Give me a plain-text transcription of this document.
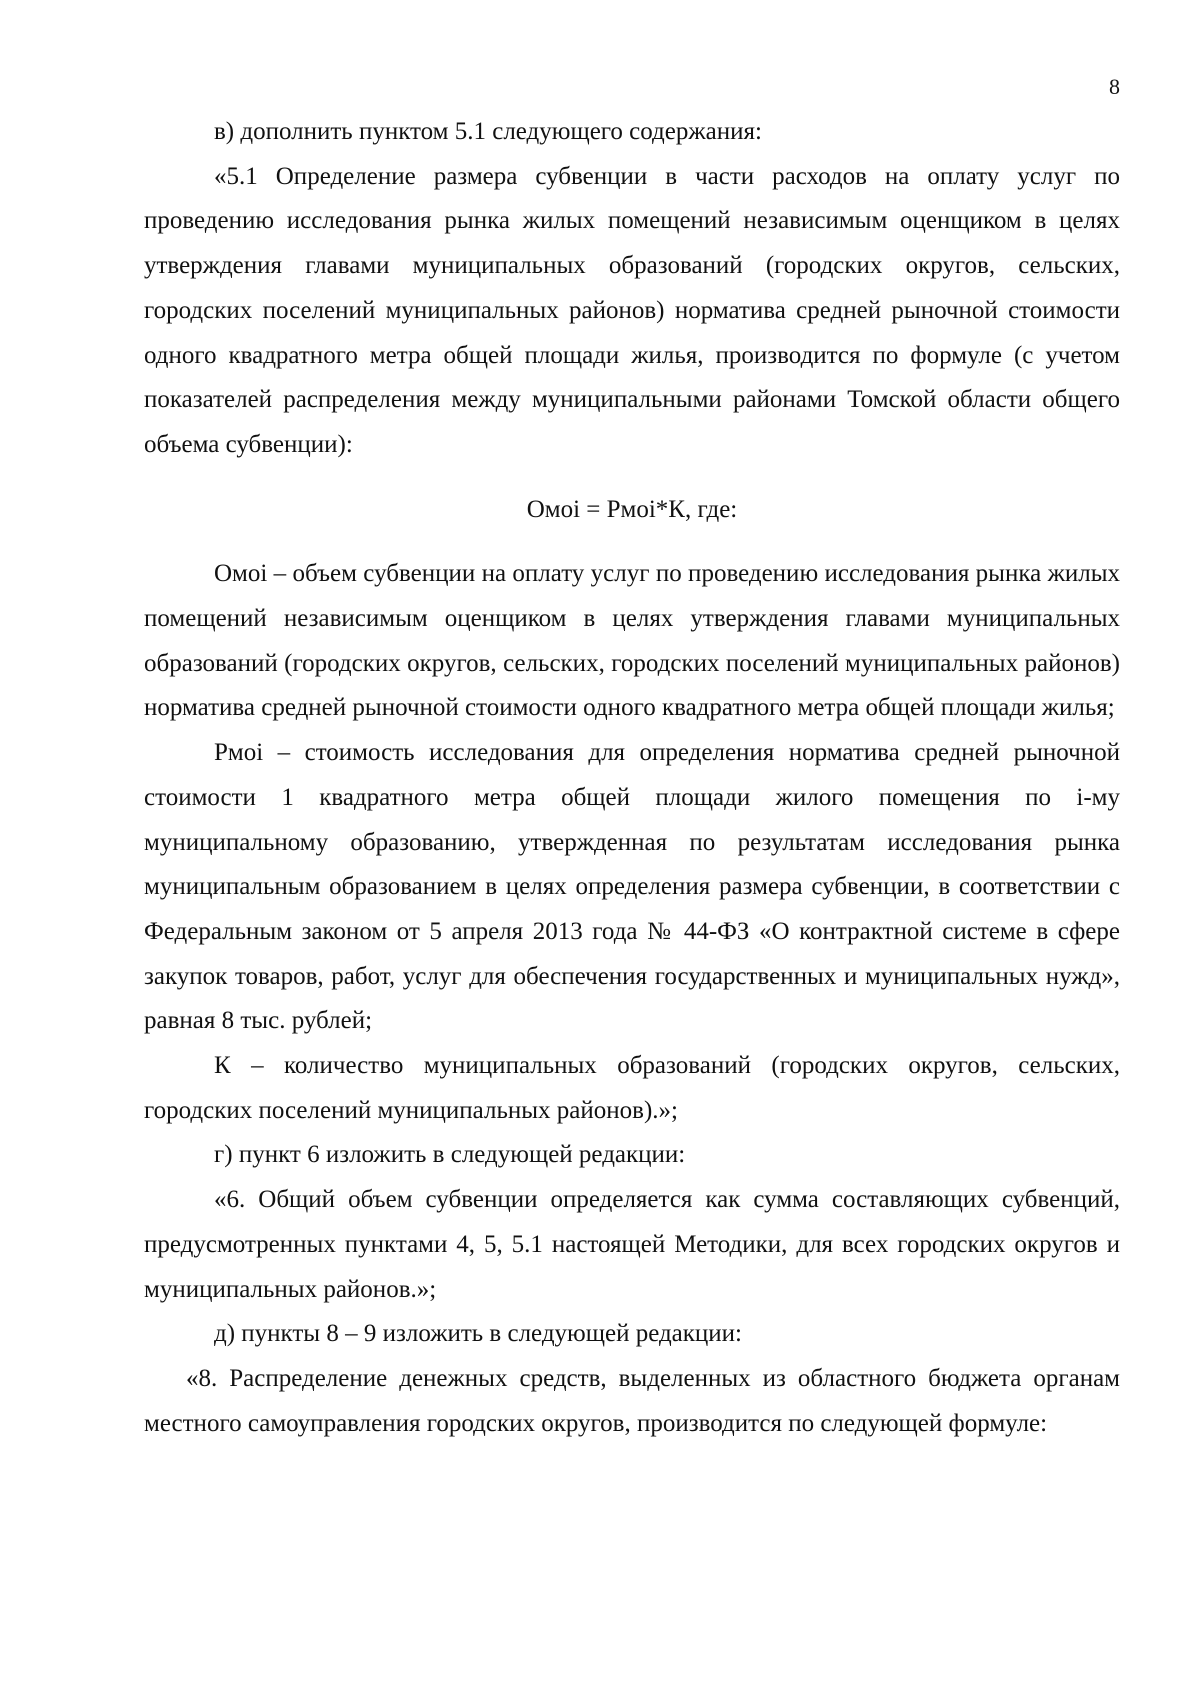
8

в) дополнить пунктом 5.1 следующего содержания:

«5.1 Определение размера субвенции в части расходов на оплату услуг по проведению исследования рынка жилых помещений независимым оценщиком в целях утверждения главами муниципальных образований (городских округов, сельских, городских поселений муниципальных районов) норматива средней рыночной стоимости одного квадратного метра общей площади жилья, производится по формуле (с учетом показателей распределения между муниципальными районами Томской области общего объема субвенции):

Омоi = Pмоi*К, где:

Омоi – объем субвенции на оплату услуг по проведению исследования рынка жилых помещений независимым оценщиком в целях утверждения главами муниципальных образований (городских округов, сельских, городских поселений муниципальных районов) норматива средней рыночной стоимости одного квадратного метра общей площади жилья;

Рмоi – стоимость исследования для определения норматива средней рыночной стоимости 1 квадратного метра общей площади жилого помещения по i-му муниципальному образованию, утвержденная по результатам исследования рынка муниципальным образованием в целях определения размера субвенции, в соответствии с Федеральным законом от 5 апреля 2013 года № 44-ФЗ «О контрактной системе в сфере закупок товаров, работ, услуг для обеспечения государственных и муниципальных нужд», равная 8 тыс. рублей;

К – количество муниципальных образований (городских округов, сельских, городских поселений муниципальных районов).»;

г) пункт 6 изложить в следующей редакции:

«6. Общий объем субвенции определяется как сумма составляющих субвенций, предусмотренных пунктами 4, 5, 5.1 настоящей Методики, для всех городских округов и муниципальных районов.»;

д) пункты 8 – 9 изложить в следующей редакции:

«8. Распределение денежных средств, выделенных из областного бюджета органам местного самоуправления городских округов, производится по следующей формуле:
